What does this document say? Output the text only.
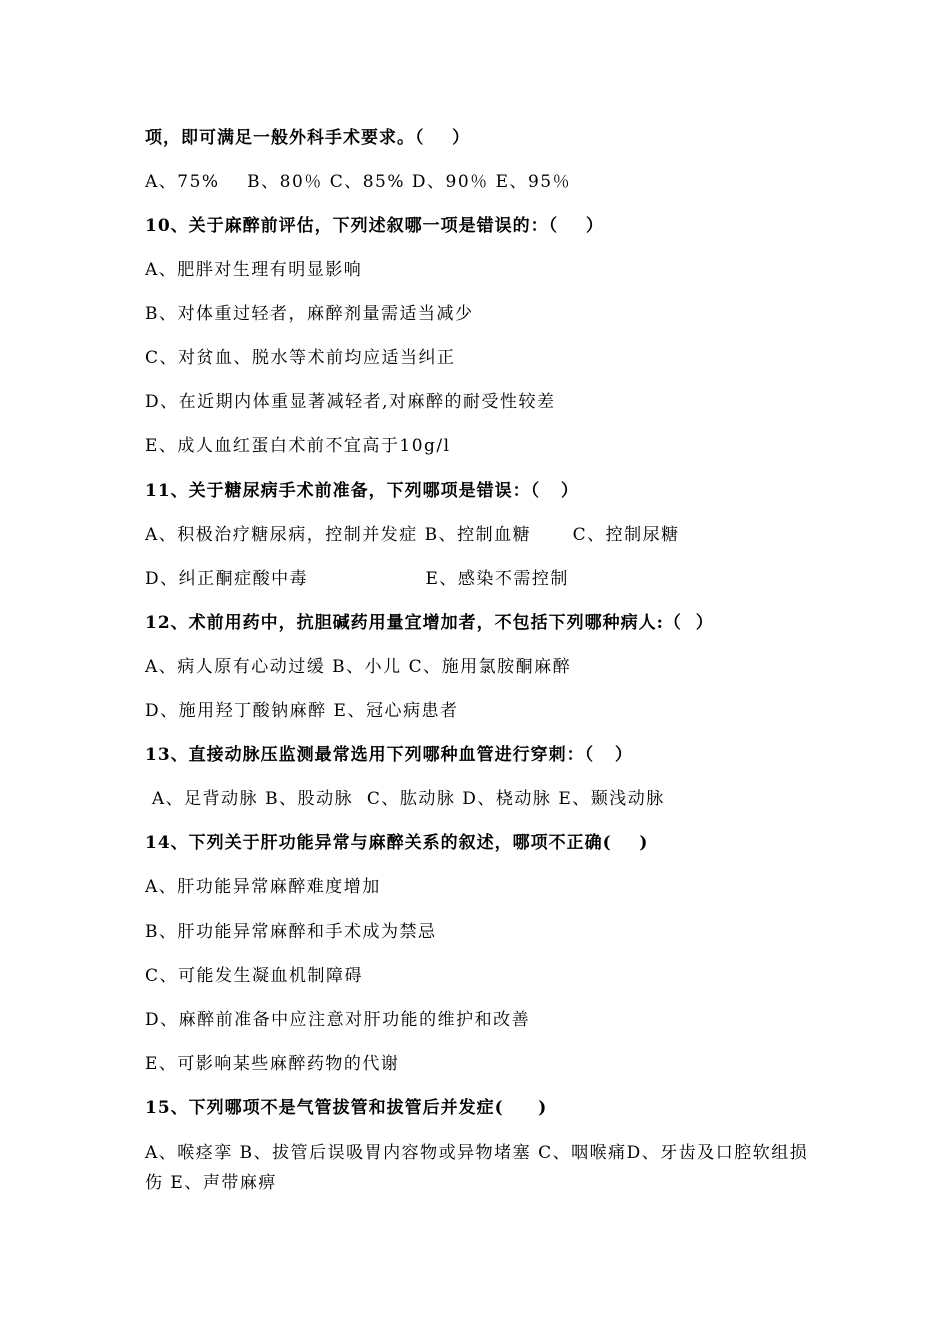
项，即可满足一般外科手术要求。（    ）
A、75%    B、80％ C、85% D、90％ E、95％
10、关于麻醉前评估，下列述叙哪一项是错误的：（    ）
A、肥胖对生理有明显影响
B、对体重过轻者，麻醉剂量需适当减少
C、对贫血、脱水等术前均应适当纠正
D、在近期内体重显著减轻者,对麻醉的耐受性较差
E、成人血红蛋白术前不宜高于10g/l
11、关于糖尿病手术前准备，下列哪项是错误：（   ）
A、积极治疗糖尿病，控制并发症 B、控制血糖      C、控制尿糖
D、纠正酮症酸中毒                 E、感染不需控制
12、术前用药中，抗胆碱药用量宜增加者，不包括下列哪种病人:（  ）
A、病人原有心动过缓 B、小儿 C、施用氯胺酮麻醉
D、施用羟丁酸钠麻醉 E、冠心病患者
13、直接动脉压监测最常选用下列哪种血管进行穿刺：（   ）
A、足背动脉 B、股动脉  C、肱动脉 D、桡动脉 E、颞浅动脉
14、下列关于肝功能异常与麻醉关系的叙述，哪项不正确(    )
A、肝功能异常麻醉难度增加
B、肝功能异常麻醉和手术成为禁忌
C、可能发生凝血机制障碍
D、麻醉前准备中应注意对肝功能的维护和改善
E、可影响某些麻醉药物的代谢
15、下列哪项不是气管拔管和拔管后并发症(     )
A、喉痉挛 B、拔管后误吸胃内容物或异物堵塞 C、咽喉痛D、牙齿及口腔软组损伤 E、声带麻痹
